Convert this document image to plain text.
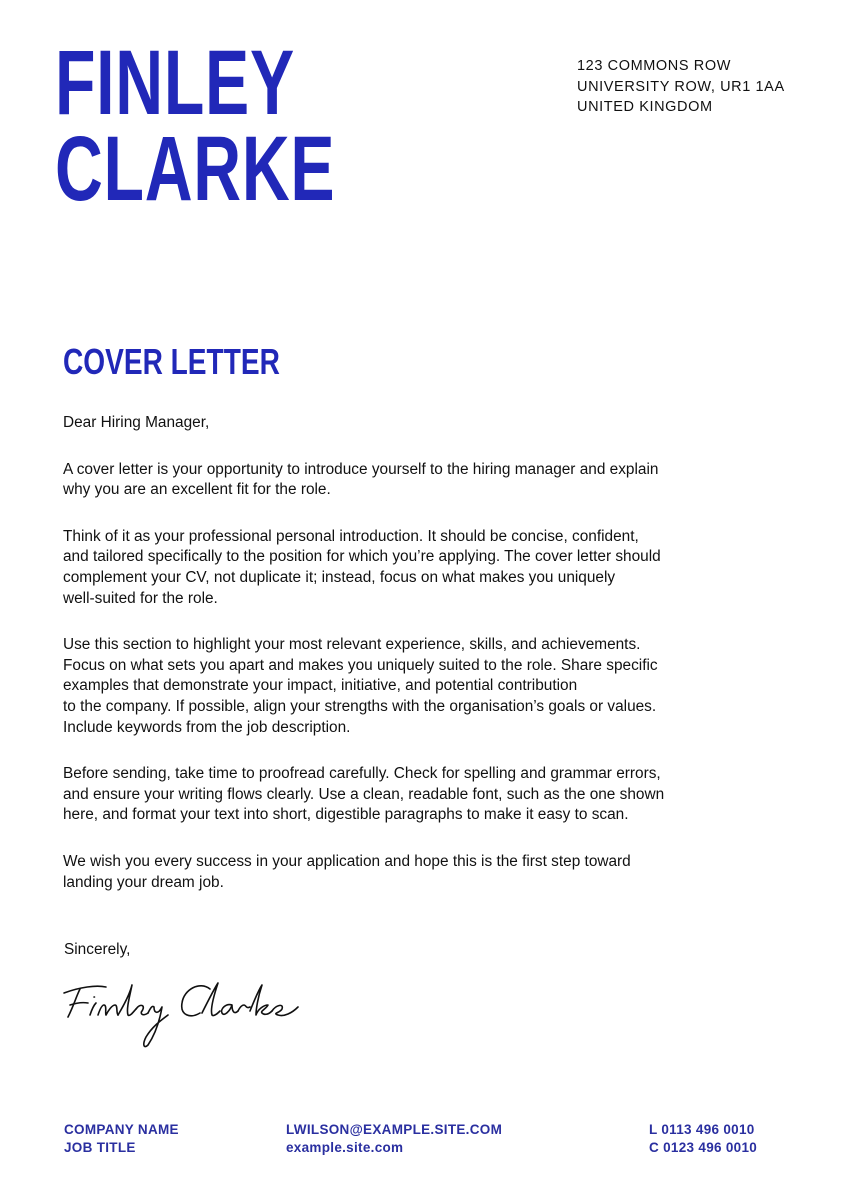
FINLEY
CLARKE
123 COMMONS ROW
UNIVERSITY ROW, UR1 1AA
UNITED KINGDOM
COVER LETTER

Dear Hiring Manager,

A cover letter is your opportunity to introduce yourself to the hiring manager and explain
why you are an excellent fit for the role.

Think of it as your professional personal introduction. It should be concise, confident,
and tailored specifically to the position for which you’re applying. The cover letter should
complement your CV, not duplicate it; instead, focus on what makes you uniquely
well-suited for the role.

Use this section to highlight your most relevant experience, skills, and achievements.
Focus on what sets you apart and makes you uniquely suited to the role. Share specific
examples that demonstrate your impact, initiative, and potential contribution
to the company. If possible, align your strengths with the organisation’s goals or values.
Include keywords from the job description.

Before sending, take time to proofread carefully. Check for spelling and grammar errors,
and ensure your writing flows clearly. Use a clean, readable font, such as the one shown
here, and format your text into short, digestible paragraphs to make it easy to scan.

We wish you every success in your application and hope this is the first step toward
landing your dream job.

Sincerely,
COMPANY NAME
JOB TITLE
LWILSON@EXAMPLE.SITE.COM
example.site.com
L 0113 496 0010
C 0123 496 0010
